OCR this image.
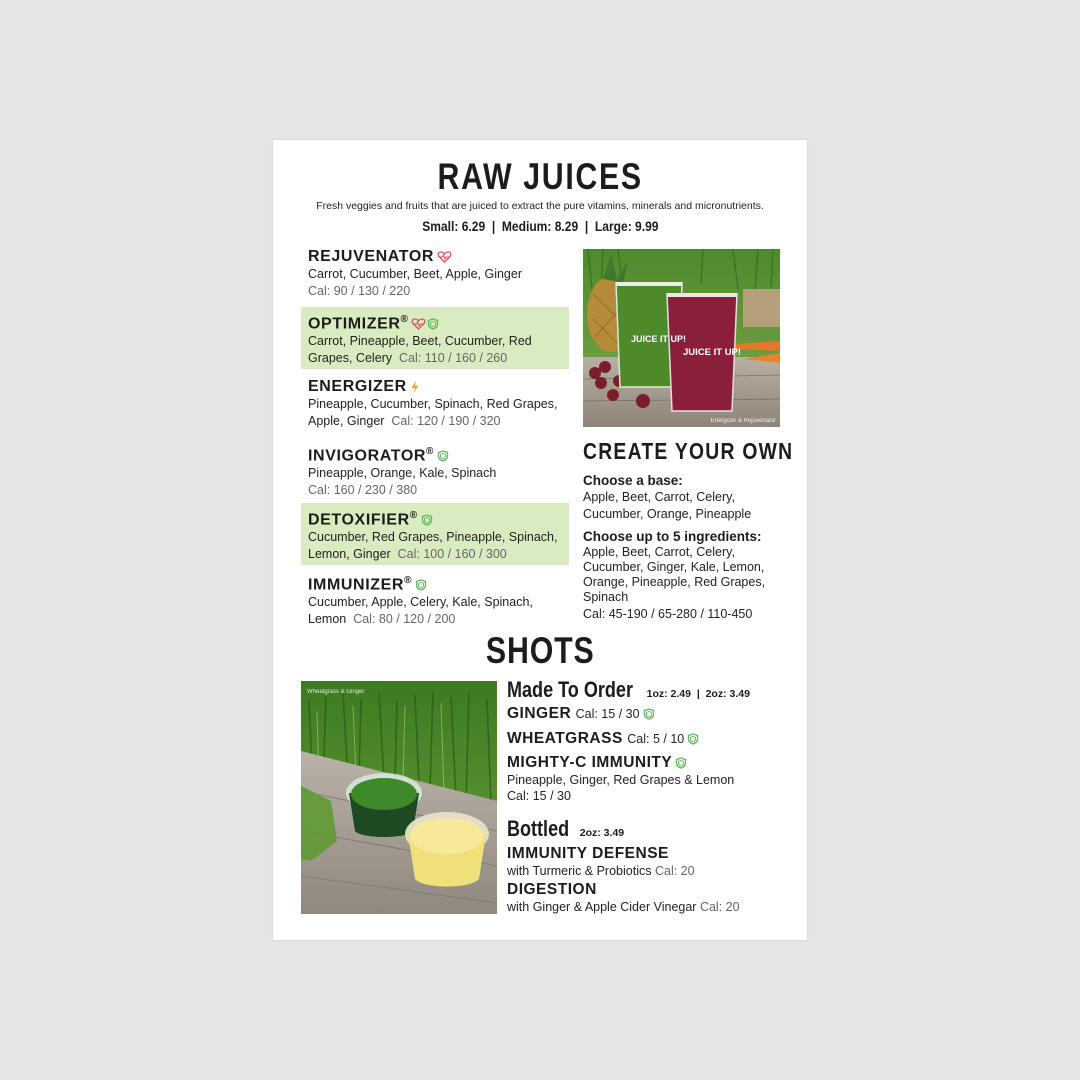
RAW JUICES
Fresh veggies and fruits that are juiced to extract the pure vitamins, minerals and micronutrients.
Small: 6.29  |  Medium: 8.29  |  Large: 9.99
REJUVENATOR
Carrot, Cucumber, Beet, Apple, Ginger
Cal: 90 / 130 / 220
OPTIMIZER®
Carrot, Pineapple, Beet, Cucumber, Red Grapes, Celery Cal: 110 / 160 / 260
ENERGIZER
Pineapple, Cucumber, Spinach, Red Grapes, Apple, Ginger Cal: 120 / 190 / 320
INVIGORATOR®
Pineapple, Orange, Kale, Spinach
Cal: 160 / 230 / 380
DETOXIFIER®
Cucumber, Red Grapes, Pineapple, Spinach, Lemon, Ginger Cal: 100 / 160 / 300
IMMUNIZER®
Cucumber, Apple, Celery, Kale, Spinach, Lemon Cal: 80 / 120 / 200
JUICE IT UP!
JUICE IT UP!
Energizer & Rejuvenator
CREATE YOUR OWN
Choose a base:
Apple, Beet, Carrot, Celery, Cucumber, Orange, Pineapple
Choose up to 5 ingredients:
Apple, Beet, Carrot, Celery, Cucumber, Ginger, Kale, Lemon, Orange, Pineapple, Red Grapes, Spinach
Cal: 45-190 / 65-280 / 110-450
SHOTS
Wheatgrass & Ginger	Made To Order 1oz: 2.49  |  2oz: 3.49
GINGER Cal: 15 / 30
WHEATGRASS Cal: 5 / 10
MIGHTY-C IMMUNITY
Pineapple, Ginger, Red Grapes & Lemon
Cal: 15 / 30
Bottled 2oz: 3.49
IMMUNITY DEFENSE
with Turmeric & Probiotics Cal: 20
DIGESTION
with Ginger & Apple Cider Vinegar Cal: 20
